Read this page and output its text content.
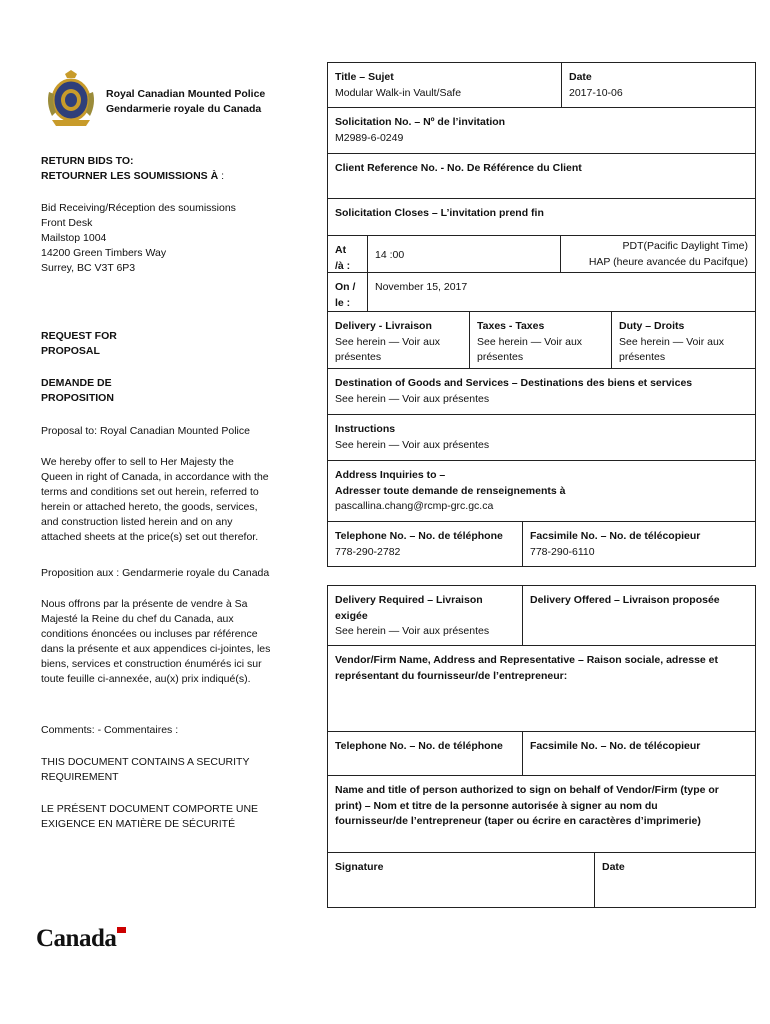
Royal Canadian Mounted Police
Gendarmerie royale du Canada
RETURN BIDS TO:
RETOURNER LES SOUMISSIONS À :
Bid Receiving/Réception des soumissions
Front Desk
Mailstop 1004
14200 Green Timbers Way
Surrey, BC V3T 6P3
REQUEST FOR
PROPOSAL
DEMANDE DE
PROPOSITION
Proposal to: Royal Canadian Mounted Police
We hereby offer to sell to Her Majesty the
Queen in right of Canada, in accordance with the
terms and conditions set out herein, referred to
herein or attached hereto, the goods, services,
and construction listed herein and on any
attached sheets at the price(s) set out therefor.
Proposition aux : Gendarmerie royale du Canada
Nous offrons par la présente de vendre à Sa
Majesté la Reine du chef du Canada, aux
conditions énoncées ou incluses par référence
dans la présente et aux appendices ci-jointes, les
biens, services et construction énumérés ici sur
toute feuille ci-annexée, au(x) prix indiqué(s).
Comments: - Commentaires :
THIS DOCUMENT CONTAINS A SECURITY
REQUIREMENT
LE PRÉSENT DOCUMENT COMPORTE UNE
EXIGENCE EN MATIÈRE DE SÉCURITÉ
Canada
Title – Sujet
Modular Walk-in Vault/Safe
Date
2017-10-06
Solicitation No. – Nº de l’invitation
M2989-6-0249
Client Reference No. - No. De Référence du Client
Solicitation Closes – L’invitation prend fin
At
/à :
14 :00
PDT(Pacific Daylight Time)
HAP (heure avancée du Pacifque)
On /
le :
November 15, 2017
Delivery - Livraison
See herein — Voir aux
présentes
Taxes - Taxes
See herein — Voir aux
présentes
Duty – Droits
See herein — Voir aux
présentes
Destination of Goods and Services – Destinations des biens et services
See herein — Voir aux présentes
Instructions
See herein — Voir aux présentes
Address Inquiries to –
Adresser toute demande de renseignements à
pascallina.chang@rcmp-grc.gc.ca
Telephone No. – No. de téléphone
778-290-2782
Facsimile No. – No. de télécopieur
778-290-6110
Delivery Required – Livraison
exigée
See herein — Voir aux présentes
Delivery Offered – Livraison proposée
Vendor/Firm Name, Address and Representative – Raison sociale, adresse et
représentant du fournisseur/de l’entrepreneur:
Telephone No. – No. de téléphone	Facsimile No. – No. de télécopieur
Name and title of person authorized to sign on behalf of Vendor/Firm (type or
print) – Nom et titre de la personne autorisée à signer au nom du
fournisseur/de l’entrepreneur (taper ou écrire en caractères d’imprimerie)
Signature	Date
